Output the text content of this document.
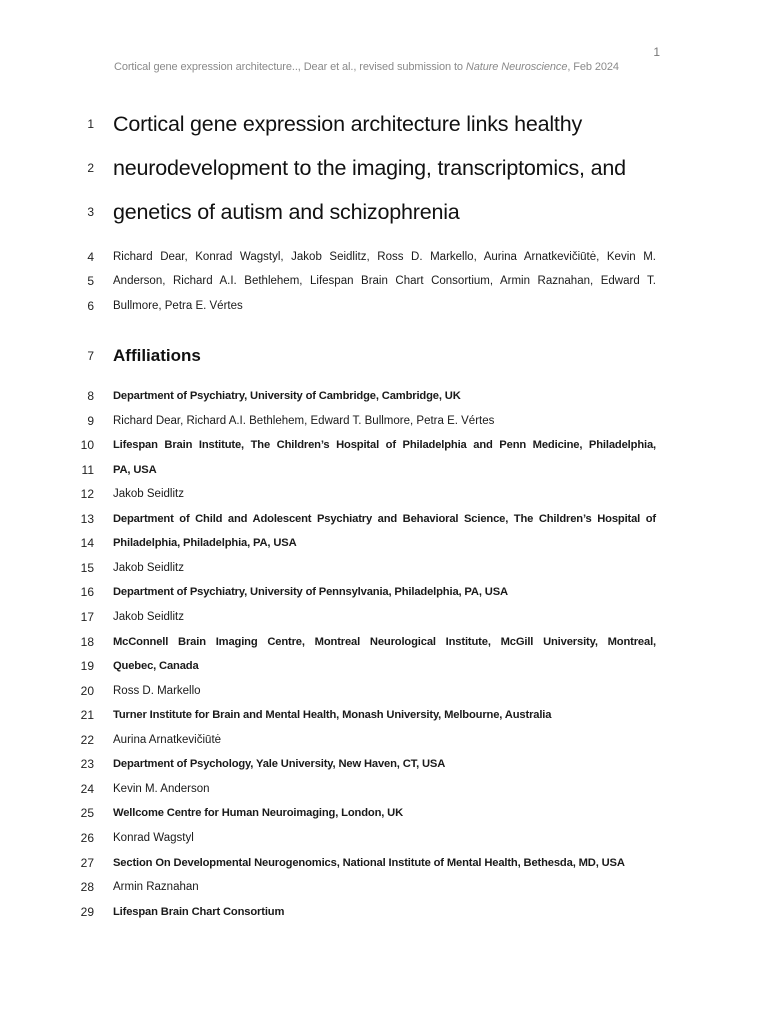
1
Cortical gene expression architecture.., Dear et al., revised submission to Nature Neuroscience, Feb 2024
1 Cortical gene expression architecture links healthy
2 neurodevelopment to the imaging, transcriptomics, and
3 genetics of autism and schizophrenia
4 Richard Dear, Konrad Wagstyl, Jakob Seidlitz, Ross D. Markello, Aurina Arnatkevičiūtė, Kevin M.
5 Anderson, Richard A.I. Bethlehem, Lifespan Brain Chart Consortium, Armin Raznahan, Edward T.
6 Bullmore, Petra E. Vértes
7 Affiliations
8 Department of Psychiatry, University of Cambridge, Cambridge, UK
9 Richard Dear, Richard A.I. Bethlehem, Edward T. Bullmore, Petra E. Vértes
10 Lifespan Brain Institute, The Children’s Hospital of Philadelphia and Penn Medicine, Philadelphia,
11 PA, USA
12 Jakob Seidlitz
13 Department of Child and Adolescent Psychiatry and Behavioral Science, The Children’s Hospital of
14 Philadelphia, Philadelphia, PA, USA
15 Jakob Seidlitz
16 Department of Psychiatry, University of Pennsylvania, Philadelphia, PA, USA
17 Jakob Seidlitz
18 McConnell Brain Imaging Centre, Montreal Neurological Institute, McGill University, Montreal,
19 Quebec, Canada
20 Ross D. Markello
21 Turner Institute for Brain and Mental Health, Monash University, Melbourne, Australia
22 Aurina Arnatkevičiūtė
23 Department of Psychology, Yale University, New Haven, CT, USA
24 Kevin M. Anderson
25 Wellcome Centre for Human Neuroimaging, London, UK
26 Konrad Wagstyl
27 Section On Developmental Neurogenomics, National Institute of Mental Health, Bethesda, MD, USA
28 Armin Raznahan
29 Lifespan Brain Chart Consortium
